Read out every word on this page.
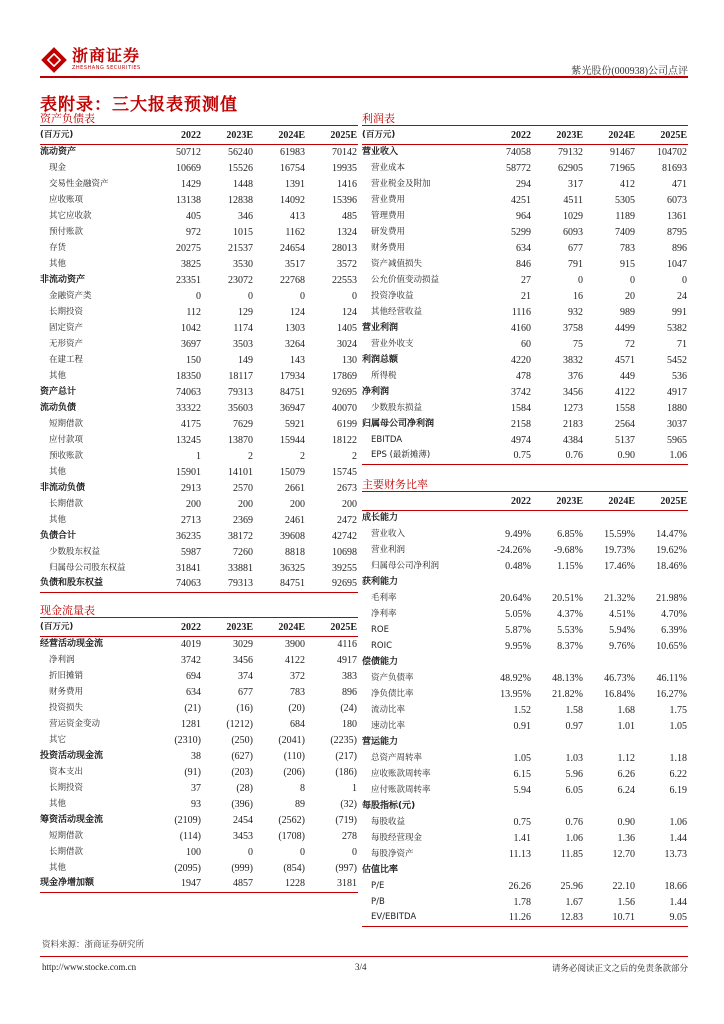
浙商证券
ZHESHANG SECURITIES	紫光股份(000938)公司点评
表附录：三大报表预测值
资产负债表
(百万元)	2022	2023E	2024E	2025E
流动资产	50712	56240	61983	70142
现金	10669	15526	16754	19935
交易性金融资产	1429	1448	1391	1416
应收账项	13138	12838	14092	15396
其它应收款	405	346	413	485
预付账款	972	1015	1162	1324
存货	20275	21537	24654	28013
其他	3825	3530	3517	3572
非流动资产	23351	23072	22768	22553
金融资产类	0	0	0	0
长期投资	112	129	124	124
固定资产	1042	1174	1303	1405
无形资产	3697	3503	3264	3024
在建工程	150	149	143	130
其他	18350	18117	17934	17869
资产总计	74063	79313	84751	92695
流动负债	33322	35603	36947	40070
短期借款	4175	7629	5921	6199
应付款项	13245	13870	15944	18122
预收账款	1	2	2	2
其他	15901	14101	15079	15745
非流动负债	2913	2570	2661	2673
长期借款	200	200	200	200
其他	2713	2369	2461	2472
负债合计	36235	38172	39608	42742
少数股东权益	5987	7260	8818	10698
归属母公司股东权益	31841	33881	36325	39255
负债和股东权益	74063	79313	84751	92695
利润表
(百万元)	2022	2023E	2024E	2025E
营业收入	74058	79132	91467	104702
营业成本	58772	62905	71965	81693
营业税金及附加	294	317	412	471
营业费用	4251	4511	5305	6073
管理费用	964	1029	1189	1361
研发费用	5299	6093	7409	8795
财务费用	634	677	783	896
资产减值损失	846	791	915	1047
公允价值变动损益	27	0	0	0
投资净收益	21	16	20	24
其他经营收益	1116	932	989	991
营业利润	4160	3758	4499	5382
营业外收支	60	75	72	71
利润总额	4220	3832	4571	5452
所得税	478	376	449	536
净利润	3742	3456	4122	4917
少数股东损益	1584	1273	1558	1880
归属母公司净利润	2158	2183	2564	3037
EBITDA	4974	4384	5137	5965
EPS (最新摊薄)	0.75	0.76	0.90	1.06
主要财务比率
	2022	2023E	2024E	2025E
成长能力				
营业收入	9.49%	6.85%	15.59%	14.47%
营业利润	-24.26%	-9.68%	19.73%	19.62%
归属母公司净利润	0.48%	1.15%	17.46%	18.46%
获利能力				
毛利率	20.64%	20.51%	21.32%	21.98%
净利率	5.05%	4.37%	4.51%	4.70%
ROE	5.87%	5.53%	5.94%	6.39%
ROIC	9.95%	8.37%	9.76%	10.65%
偿债能力				
资产负债率	48.92%	48.13%	46.73%	46.11%
净负债比率	13.95%	21.82%	16.84%	16.27%
流动比率	1.52	1.58	1.68	1.75
速动比率	0.91	0.97	1.01	1.05
营运能力				
总资产周转率	1.05	1.03	1.12	1.18
应收账款周转率	6.15	5.96	6.26	6.22
应付账款周转率	5.94	6.05	6.24	6.19
每股指标(元)				
每股收益	0.75	0.76	0.90	1.06
每股经营现金	1.41	1.06	1.36	1.44
每股净资产	11.13	11.85	12.70	13.73
估值比率				
P/E	26.26	25.96	22.10	18.66
P/B	1.78	1.67	1.56	1.44
EV/EBITDA	11.26	12.83	10.71	9.05
现金流量表
(百万元)	2022	2023E	2024E	2025E
经营活动现金流	4019	3029	3900	4116
净利润	3742	3456	4122	4917
折旧摊销	694	374	372	383
财务费用	634	677	783	896
投资损失	(21)	(16)	(20)	(24)
营运资金变动	1281	(1212)	684	180
其它	(2310)	(250)	(2041)	(2235)
投资活动现金流	38	(627)	(110)	(217)
资本支出	(91)	(203)	(206)	(186)
长期投资	37	(28)	8	1
其他	93	(396)	89	(32)
筹资活动现金流	(2109)	2454	(2562)	(719)
短期借款	(114)	3453	(1708)	278
长期借款	100	0	0	0
其他	(2095)	(999)	(854)	(997)
现金净增加额	1947	4857	1228	3181
资料来源：浙商证券研究所
http://www.stocke.com.cn	3/4	请务必阅读正文之后的免责条款部分
